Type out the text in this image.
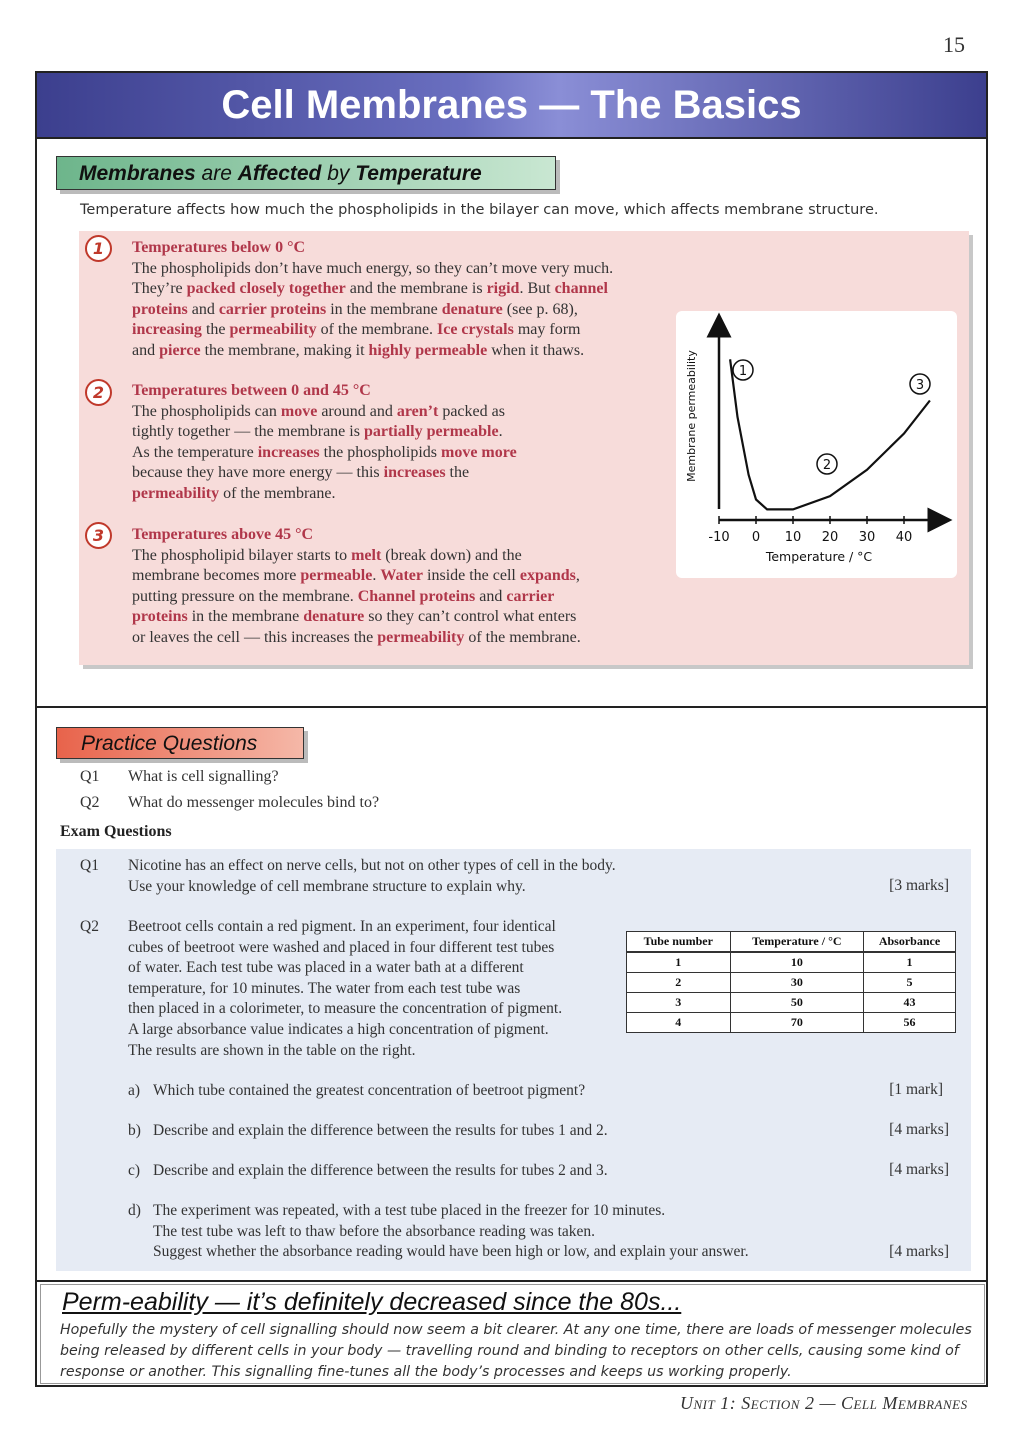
15
Cell Membranes — The Basics
Membranes are Affected by Temperature
Temperature affects how much the phospholipids in the bilayer can move, which affects membrane structure.
1	Temperatures below 0 °C
The phospholipids don’t have much energy, so they can’t move very much.
They’re packed closely together and the membrane is rigid. But channel
proteins and carrier proteins in the membrane denature (see p. 68),
increasing the permeability of the membrane. Ice crystals may form
and pierce the membrane, making it highly permeable when it thaws.
2	Temperatures between 0 and 45 °C
The phospholipids can move around and aren’t packed as
tightly together — the membrane is partially permeable.
As the temperature increases the phospholipids move more
because they have more energy — this increases the
permeability of the membrane.
3	Temperatures above 45 °C
The phospholipid bilayer starts to melt (break down) and the
membrane becomes more permeable. Water inside the cell expands,
putting pressure on the membrane. Channel proteins and carrier
proteins in the membrane denature so they can’t control what enters
or leaves the cell — this increases the permeability of the membrane.
-10 0 10 20 30 40
1
2
3
Membrane permeability
Temperature / °C
Practice Questions
Q1 What is cell signalling?
Q2 What do messenger molecules bind to?
Exam Questions
Q1 Nicotine has an effect on nerve cells, but not on other types of cell in the body.
Use your knowledge of cell membrane structure to explain why.	[3 marks]
Q2 Beetroot cells contain a red pigment. In an experiment, four identical
cubes of beetroot were washed and placed in four different test tubes
of water. Each test tube was placed in a water bath at a different
temperature, for 10 minutes. The water from each test tube was
then placed in a colorimeter, to measure the concentration of pigment.
A large absorbance value indicates a high concentration of pigment.
The results are shown in the table on the right.
Tube number	Temperature / °C	Absorbance
1	10	1
2	30	5
3	50	43
4	70	56
a) Which tube contained the greatest concentration of beetroot pigment?	[1 mark]
b) Describe and explain the difference between the results for tubes 1 and 2.	[4 marks]
c) Describe and explain the difference between the results for tubes 2 and 3.	[4 marks]
d) The experiment was repeated, with a test tube placed in the freezer for 10 minutes.
The test tube was left to thaw before the absorbance reading was taken.
Suggest whether the absorbance reading would have been high or low, and explain your answer.	[4 marks]
Perm-eability — it’s definitely decreased since the 80s...
Hopefully the mystery of cell signalling should now seem a bit clearer. At any one time, there are loads of messenger molecules being released by different cells in your body — travelling round and binding to receptors on other cells, causing some kind of response or another. This signalling fine-tunes all the body’s processes and keeps us working properly.
Unit 1: Section 2 — Cell Membranes
